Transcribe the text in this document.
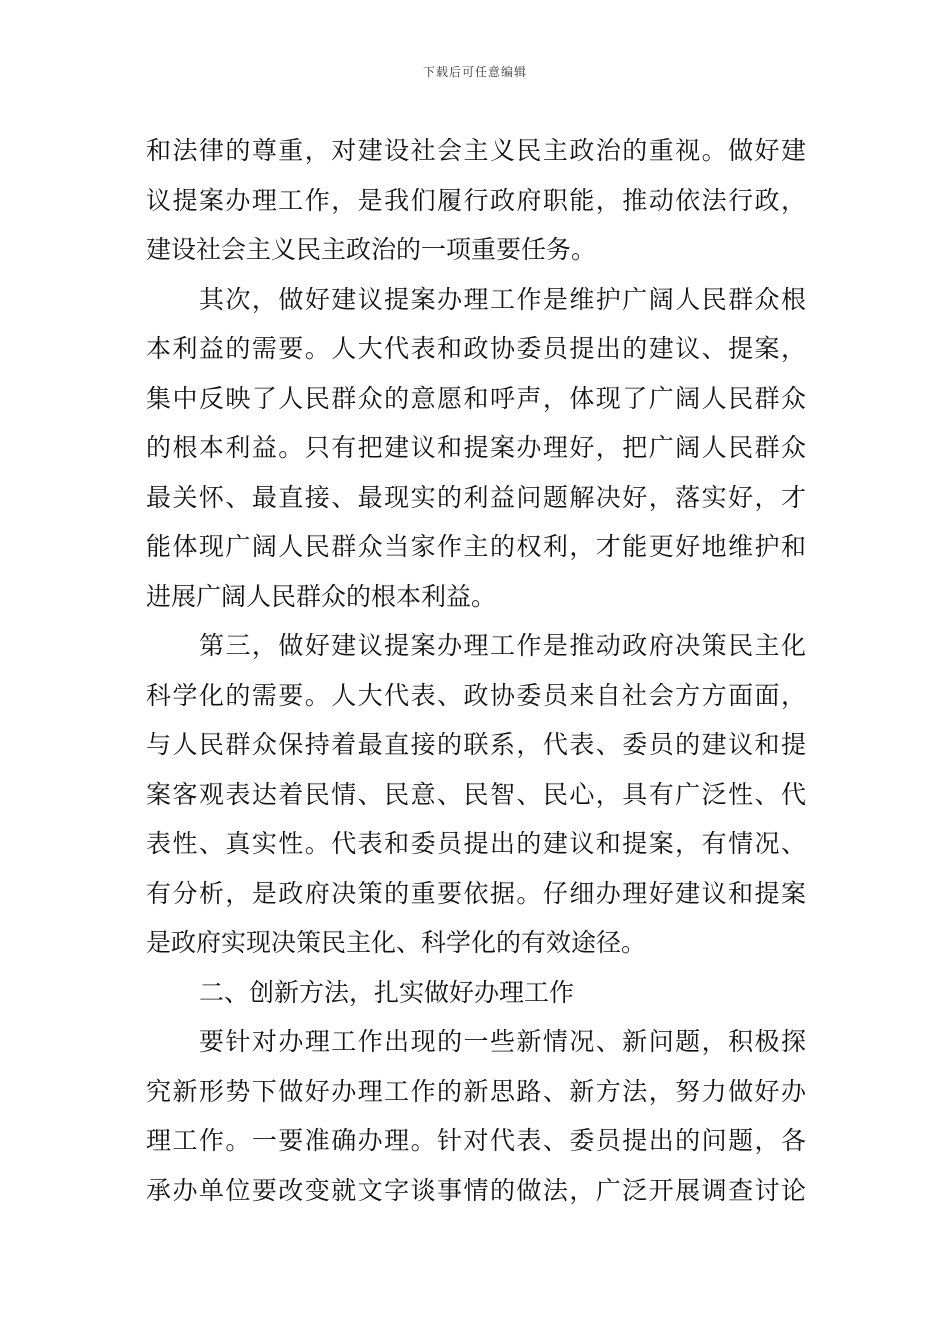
下载后可任意编辑
和法律的尊重，对建设社会主义民主政治的重视。做好建
议提案办理工作，是我们履行政府职能，推动依法行政，
建设社会主义民主政治的一项重要任务。
其次，做好建议提案办理工作是维护广阔人民群众根
本利益的需要。人大代表和政协委员提出的建议、提案，
集中反映了人民群众的意愿和呼声，体现了广阔人民群众
的根本利益。只有把建议和提案办理好，把广阔人民群众
最关怀、最直接、最现实的利益问题解决好，落实好，才
能体现广阔人民群众当家作主的权利，才能更好地维护和
进展广阔人民群众的根本利益。
第三，做好建议提案办理工作是推动政府决策民主化
科学化的需要。人大代表、政协委员来自社会方方面面，
与人民群众保持着最直接的联系，代表、委员的建议和提
案客观表达着民情、民意、民智、民心，具有广泛性、代
表性、真实性。代表和委员提出的建议和提案，有情况、
有分析，是政府决策的重要依据。仔细办理好建议和提案
是政府实现决策民主化、科学化的有效途径。
二、创新方法，扎实做好办理工作
要针对办理工作出现的一些新情况、新问题，积极探
究新形势下做好办理工作的新思路、新方法，努力做好办
理工作。一要准确办理。针对代表、委员提出的问题，各
承办单位要改变就文字谈事情的做法，广泛开展调查讨论
